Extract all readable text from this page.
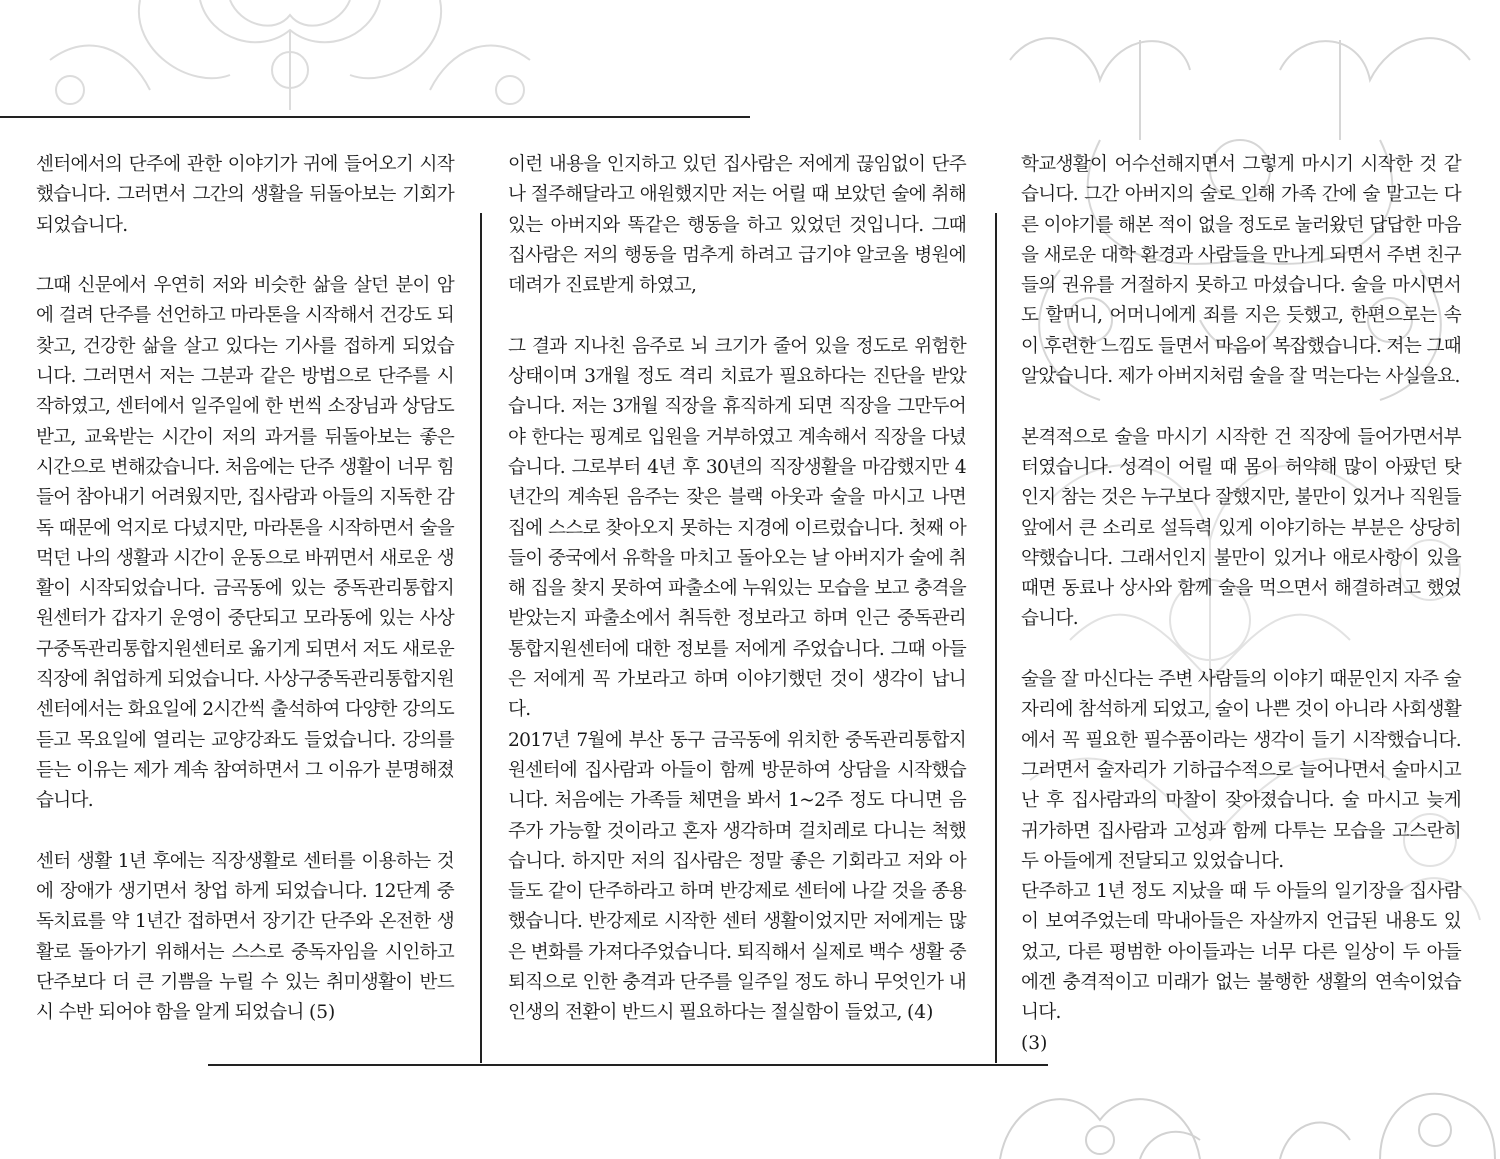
센터에서의 단주에 관한 이야기가 귀에 들어오기 시작했습니다. 그러면서 그간의 생활을 뒤돌아보는 기회가 되었습니다.

그때 신문에서 우연히 저와 비슷한 삶을 살던 분이 암에 걸려 단주를 선언하고 마라톤을 시작해서 건강도 되찾고, 건강한 삶을 살고 있다는 기사를 접하게 되었습니다. 그러면서 저는 그분과 같은 방법으로 단주를 시작하였고, 센터에서 일주일에 한 번씩 소장님과 상담도 받고, 교육받는 시간이 저의 과거를 뒤돌아보는 좋은 시간으로 변해갔습니다. 처음에는 단주 생활이 너무 힘들어 참아내기 어려웠지만, 집사람과 아들의 지독한 감독 때문에 억지로 다녔지만, 마라톤을 시작하면서 술을 먹던 나의 생활과 시간이 운동으로 바뀌면서 새로운 생활이 시작되었습니다. 금곡동에 있는 중독관리통합지원센터가 갑자기 운영이 중단되고 모라동에 있는 사상구중독관리통합지원센터로 옮기게 되면서 저도 새로운 직장에 취업하게 되었습니다. 사상구중독관리통합지원센터에서는 화요일에 2시간씩 출석하여 다양한 강의도 듣고 목요일에 열리는 교양강좌도 들었습니다. 강의를 듣는 이유는 제가 계속 참여하면서 그 이유가 분명해졌습니다.

센터 생활 1년 후에는 직장생활로 센터를 이용하는 것에 장애가 생기면서 창업 하게 되었습니다. 12단계 중독치료를 약 1년간 접하면서 장기간 단주와 온전한 생활로 돌아가기 위해서는 스스로 중독자임을 시인하고 단주보다 더 큰 기쁨을 누릴 수 있는 취미생활이 반드시 수반 되어야 함을 알게 되었습니 (5)

이런 내용을 인지하고 있던 집사람은 저에게 끊임없이 단주나 절주해달라고 애원했지만 저는 어릴 때 보았던 술에 취해 있는 아버지와 똑같은 행동을 하고 있었던 것입니다. 그때 집사람은 저의 행동을 멈추게 하려고 급기야 알코올 병원에 데려가 진료받게 하였고,

그 결과 지나친 음주로 뇌 크기가 줄어 있을 정도로 위험한 상태이며 3개월 정도 격리 치료가 필요하다는 진단을 받았습니다. 저는 3개월 직장을 휴직하게 되면 직장을 그만두어야 한다는 핑계로 입원을 거부하였고 계속해서 직장을 다녔습니다. 그로부터 4년 후 30년의 직장생활을 마감했지만 4년간의 계속된 음주는 잦은 블랙 아웃과 술을 마시고 나면 집에 스스로 찾아오지 못하는 지경에 이르렀습니다. 첫째 아들이 중국에서 유학을 마치고 돌아오는 날 아버지가 술에 취해 집을 찾지 못하여 파출소에 누워있는 모습을 보고 충격을 받았는지 파출소에서 취득한 정보라고 하며 인근 중독관리통합지원센터에 대한 정보를 저에게 주었습니다. 그때 아들은 저에게 꼭 가보라고 하며 이야기했던 것이 생각이 납니다.

2017년 7월에 부산 동구 금곡동에 위치한 중독관리통합지원센터에 집사람과 아들이 함께 방문하여 상담을 시작했습니다. 처음에는 가족들 체면을 봐서 1~2주 정도 다니면 음주가 가능할 것이라고 혼자 생각하며 걸치레로 다니는 척했습니다. 하지만 저의 집사람은 정말 좋은 기회라고 저와 아들도 같이 단주하라고 하며 반강제로 센터에 나갈 것을 종용했습니다. 반강제로 시작한 센터 생활이었지만 저에게는 많은 변화를 가져다주었습니다. 퇴직해서 실제로 백수 생활 중 퇴직으로 인한 충격과 단주를 일주일 정도 하니 무엇인가 내 인생의 전환이 반드시 필요하다는 절실함이 들었고, (4)

학교생활이 어수선해지면서 그렇게 마시기 시작한 것 같습니다. 그간 아버지의 술로 인해 가족 간에 술 말고는 다른 이야기를 해본 적이 없을 정도로 눌러왔던 답답한 마음을 새로운 대학 환경과 사람들을 만나게 되면서 주변 친구들의 권유를 거절하지 못하고 마셨습니다. 술을 마시면서도 할머니, 어머니에게 죄를 지은 듯했고, 한편으로는 속이 후련한 느낌도 들면서 마음이 복잡했습니다. 저는 그때 알았습니다. 제가 아버지처럼 술을 잘 먹는다는 사실을요.

본격적으로 술을 마시기 시작한 건 직장에 들어가면서부터였습니다. 성격이 어릴 때 몸이 허약해 많이 아팠던 탓인지 참는 것은 누구보다 잘했지만, 불만이 있거나 직원들 앞에서 큰 소리로 설득력 있게 이야기하는 부분은 상당히 약했습니다. 그래서인지 불만이 있거나 애로사항이 있을 때면 동료나 상사와 함께 술을 먹으면서 해결하려고 했었습니다.

술을 잘 마신다는 주변 사람들의 이야기 때문인지 자주 술자리에 참석하게 되었고, 술이 나쁜 것이 아니라 사회생활에서 꼭 필요한 필수품이라는 생각이 들기 시작했습니다. 그러면서 술자리가 기하급수적으로 늘어나면서 술마시고 난 후 집사람과의 마찰이 잦아졌습니다. 술 마시고 늦게 귀가하면 집사람과 고성과 함께 다투는 모습을 고스란히 두 아들에게 전달되고 있었습니다.

단주하고 1년 정도 지났을 때 두 아들의 일기장을 집사람이 보여주었는데 막내아들은 자살까지 언급된 내용도 있었고, 다른 평범한 아이들과는 너무 다른 일상이 두 아들에겐 충격적이고 미래가 없는 불행한 생활의 연속이었습니다.

(3)
